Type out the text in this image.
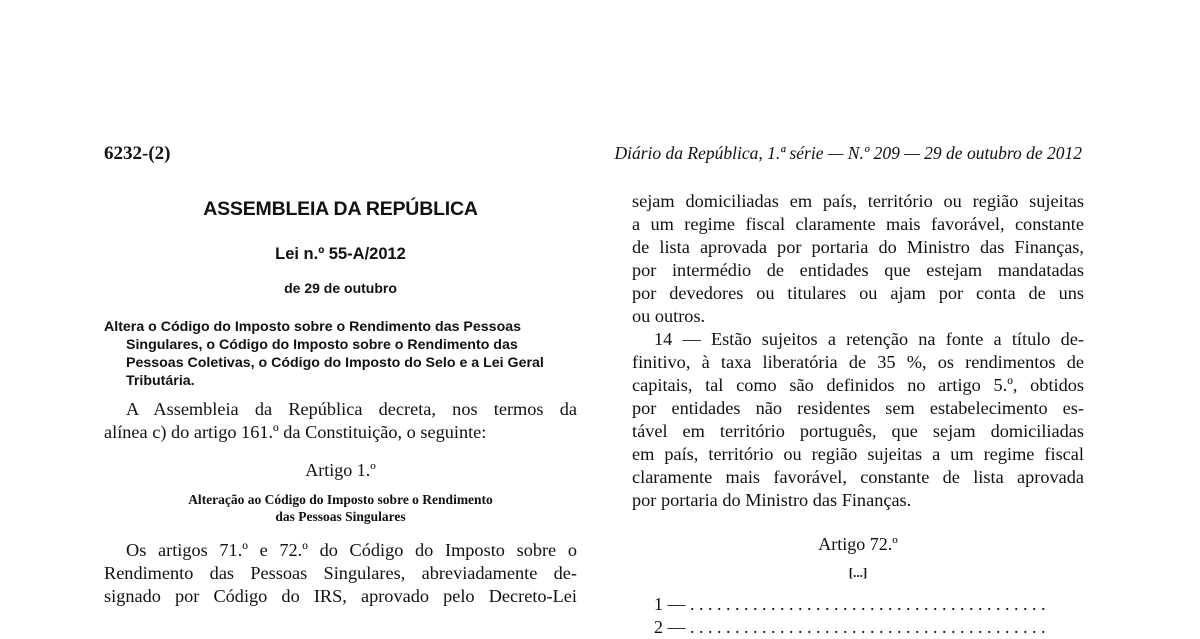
6232-(2)	Diário da República, 1.ª série — N.º 209 — 29 de outubro de 2012
ASSEMBLEIA DA REPÚBLICA
Lei n.º 55-A/2012
de 29 de outubro
Altera o Código do Imposto sobre o Rendimento das Pessoas
Singulares, o Código do Imposto sobre o Rendimento das
Pessoas Coletivas, o Código do Imposto do Selo e a Lei Geral
Tributária.
A Assembleia da República decreta, nos termos da
alínea c) do artigo 161.º da Constituição, o seguinte:
Artigo 1.º
Alteração ao Código do Imposto sobre o Rendimento
das Pessoas Singulares
Os artigos 71.º e 72.º do Código do Imposto sobre o
Rendimento das Pessoas Singulares, abreviadamente de-
signado por Código do IRS, aprovado pelo Decreto-Lei
sejam domiciliadas em país, território ou região sujeitas
a um regime fiscal claramente mais favorável, constante
de lista aprovada por portaria do Ministro das Finanças,
por intermédio de entidades que estejam mandatadas
por devedores ou titulares ou ajam por conta de uns
ou outros.
14 — Estão sujeitos a retenção na fonte a título de-
finitivo, à taxa liberatória de 35 %, os rendimentos de
capitais, tal como são definidos no artigo 5.º, obtidos
por entidades não residentes sem estabelecimento es-
tável em território português, que sejam domiciliadas
em país, território ou região sujeitas a um regime fiscal
claramente mais favorável, constante de lista aprovada
por portaria do Ministro das Finanças.
Artigo 72.º
[...]
1 — . . . . . . . . . . . . . . . . . . . . . . . . . . . . . . . . . . . . . . . .
2 — . . . . . . . . . . . . . . . . . . . . . . . . . . . . . . . . . . . . . . . .
